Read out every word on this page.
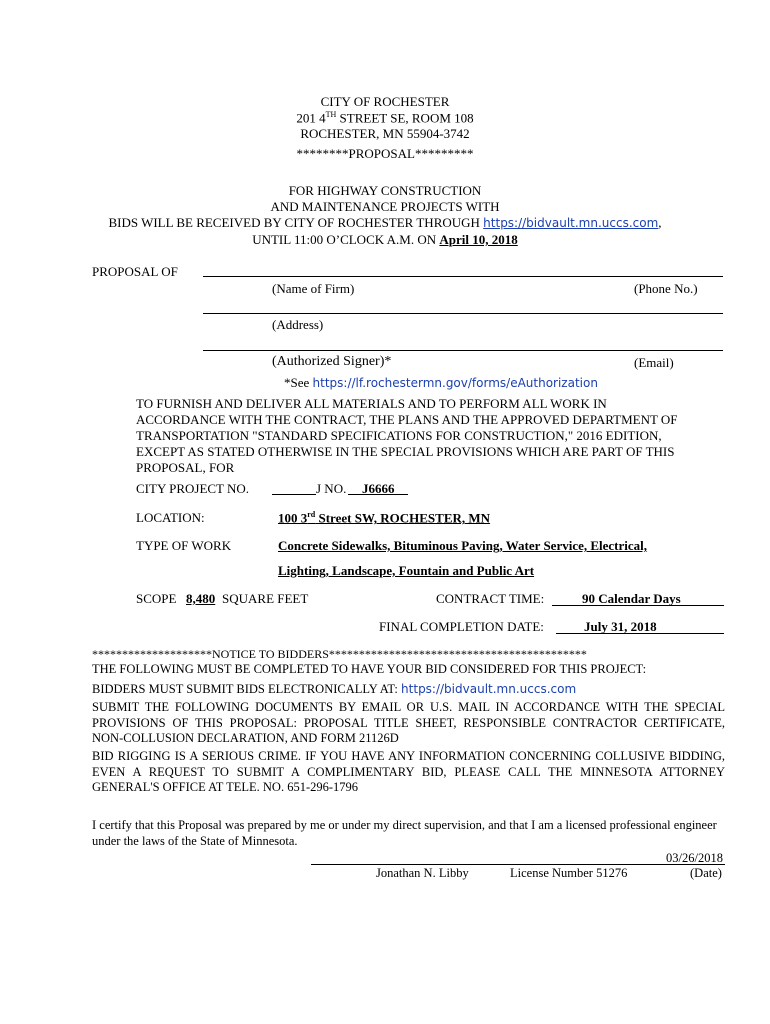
CITY OF ROCHESTER
201 4TH STREET SE, ROOM 108
ROCHESTER, MN 55904-3742
********PROPOSAL*********
FOR HIGHWAY CONSTRUCTION
AND MAINTENANCE PROJECTS WITH
BIDS WILL BE RECEIVED BY CITY OF ROCHESTER THROUGH https://bidvault.mn.uccs.com,
UNTIL 11:00 O’CLOCK A.M. ON April 10, 2018
PROPOSAL OF
(Name of Firm)	(Phone No.)
(Address)
(Authorized Signer)*	(Email)
*See https://lf.rochestermn.gov/forms/eAuthorization
TO FURNISH AND DELIVER ALL MATERIALS AND TO PERFORM ALL WORK IN
ACCORDANCE WITH THE CONTRACT, THE PLANS AND THE APPROVED DEPARTMENT OF
TRANSPORTATION "STANDARD SPECIFICATIONS FOR CONSTRUCTION," 2016 EDITION,
EXCEPT AS STATED OTHERWISE IN THE SPECIAL PROVISIONS WHICH ARE PART OF THIS
PROPOSAL, FOR
CITY PROJECT NO.	J NO. J6666
LOCATION:	100 3rd Street SW, ROCHESTER, MN
TYPE OF WORK	Concrete Sidewalks, Bituminous Paving, Water Service, Electrical,
Lighting, Landscape, Fountain and Public Art
SCOPE 8,480 SQUARE FEET	CONTRACT TIME:	90 Calendar Days
FINAL COMPLETION DATE:	July 31, 2018
********************NOTICE TO BIDDERS*******************************************
THE FOLLOWING MUST BE COMPLETED TO HAVE YOUR BID CONSIDERED FOR THIS PROJECT:
BIDDERS MUST SUBMIT BIDS ELECTRONICALLY AT: https://bidvault.mn.uccs.com
SUBMIT THE FOLLOWING DOCUMENTS BY EMAIL OR U.S. MAIL IN ACCORDANCE WITH THE SPECIAL PROVISIONS OF THIS PROPOSAL: PROPOSAL TITLE SHEET, RESPONSIBLE CONTRACTOR CERTIFICATE, NON-COLLUSION DECLARATION, AND FORM 21126D
BID RIGGING IS A SERIOUS CRIME. IF YOU HAVE ANY INFORMATION CONCERNING COLLUSIVE BIDDING, EVEN A REQUEST TO SUBMIT A COMPLIMENTARY BID, PLEASE CALL THE MINNESOTA ATTORNEY GENERAL'S OFFICE AT TELE. NO. 651-296-1796
I certify that this Proposal was prepared by me or under my direct supervision, and that I am a licensed professional engineer under the laws of the State of Minnesota.
03/26/2018
Jonathan N. Libby	License Number 51276	(Date)
